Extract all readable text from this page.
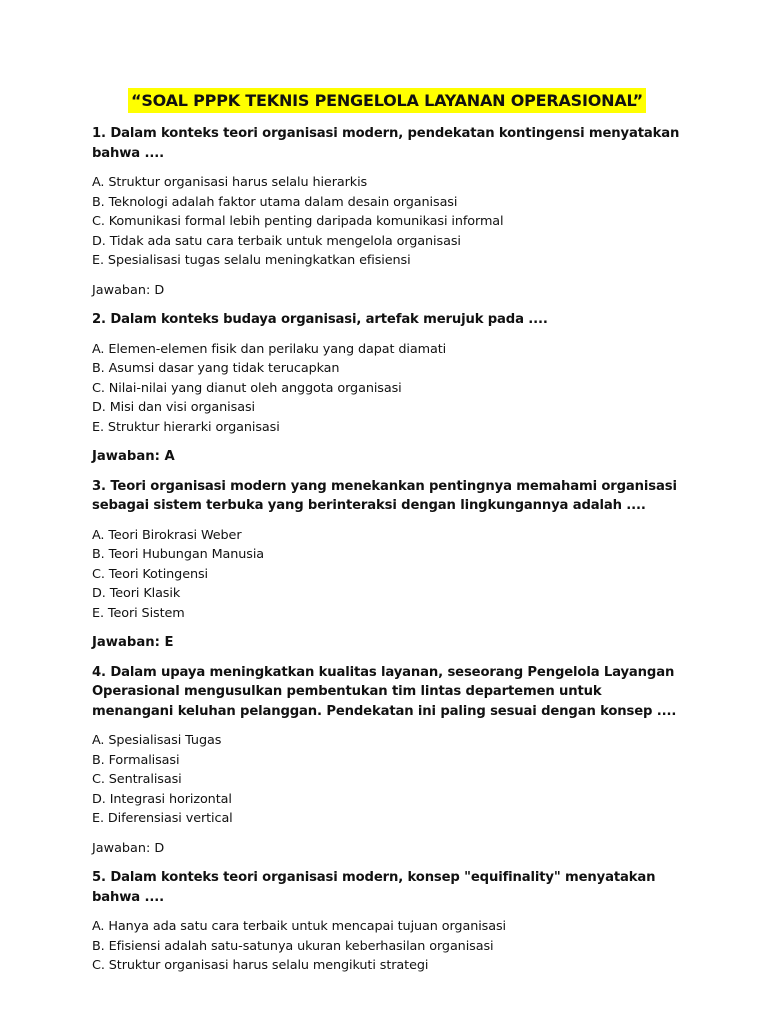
“SOAL PPPK TEKNIS PENGELOLA LAYANAN OPERASIONAL”

1. Dalam konteks teori organisasi modern, pendekatan kontingensi menyatakan bahwa ....

A. Struktur organisasi harus selalu hierarkis
B. Teknologi adalah faktor utama dalam desain organisasi
C. Komunikasi formal lebih penting daripada komunikasi informal
D. Tidak ada satu cara terbaik untuk mengelola organisasi
E. Spesialisasi tugas selalu meningkatkan efisiensi

Jawaban: D

2. Dalam konteks budaya organisasi, artefak merujuk pada ....

A. Elemen-elemen fisik dan perilaku yang dapat diamati
B. Asumsi dasar yang tidak terucapkan
C. Nilai-nilai yang dianut oleh anggota organisasi
D. Misi dan visi organisasi
E. Struktur hierarki organisasi

Jawaban: A

3. Teori organisasi modern yang menekankan pentingnya memahami organisasi sebagai sistem terbuka yang berinteraksi dengan lingkungannya adalah ....

A. Teori Birokrasi Weber
B. Teori Hubungan Manusia
C. Teori Kotingensi
D. Teori Klasik
E. Teori Sistem

Jawaban: E

4. Dalam upaya meningkatkan kualitas layanan, seseorang Pengelola Layangan Operasional mengusulkan pembentukan tim lintas departemen untuk menangani keluhan pelanggan. Pendekatan ini paling sesuai dengan konsep ....

A. Spesialisasi Tugas
B. Formalisasi
C. Sentralisasi
D. Integrasi horizontal
E. Diferensiasi vertical

Jawaban: D

5. Dalam konteks teori organisasi modern, konsep "equifinality" menyatakan bahwa ....

A. Hanya ada satu cara terbaik untuk mencapai tujuan organisasi
B. Efisiensi adalah satu-satunya ukuran keberhasilan organisasi
C. Struktur organisasi harus selalu mengikuti strategi
